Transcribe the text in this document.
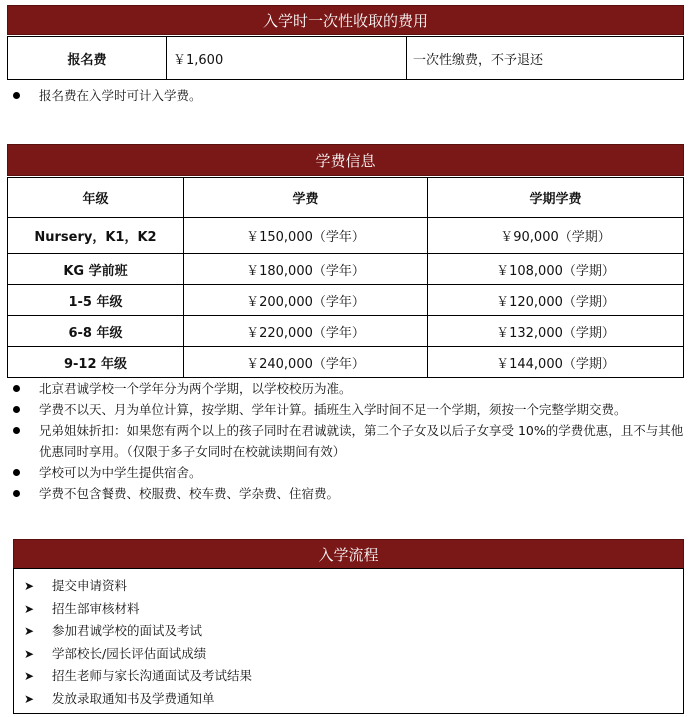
入学时一次性收取的费用
报名费	￥1,600	一次性缴费，不予退还
报名费在入学时可计入学费。
学费信息
年级	学费	学期学费
Nursery，K1，K2	￥150,000（学年）	￥90,000（学期）
KG 学前班	￥180,000（学年）	￥108,000（学期）
1-5 年级	￥200,000（学年）	￥120,000（学期）
6-8 年级	￥220,000（学年）	￥132,000（学期）
9-12 年级	￥240,000（学年）	￥144,000（学期）
北京君诚学校一个学年分为两个学期，以学校校历为准。
学费不以天、月为单位计算，按学期、学年计算。插班生入学时间不足一个学期，须按一个完整学期交费。
兄弟姐妹折扣：如果您有两个以上的孩子同时在君诚就读，第二个子女及以后子女享受 10%的学费优惠，且不与其他优惠同时享用。（仅限于多子女同时在校就读期间有效）
学校可以为中学生提供宿舍。
学费不包含餐费、校服费、校车费、学杂费、住宿费。
入学流程
➤ 提交申请资料
➤ 招生部审核材料
➤ 参加君诚学校的面试及考试
➤ 学部校长/园长评估面试成绩
➤ 招生老师与家长沟通面试及考试结果
➤ 发放录取通知书及学费通知单
